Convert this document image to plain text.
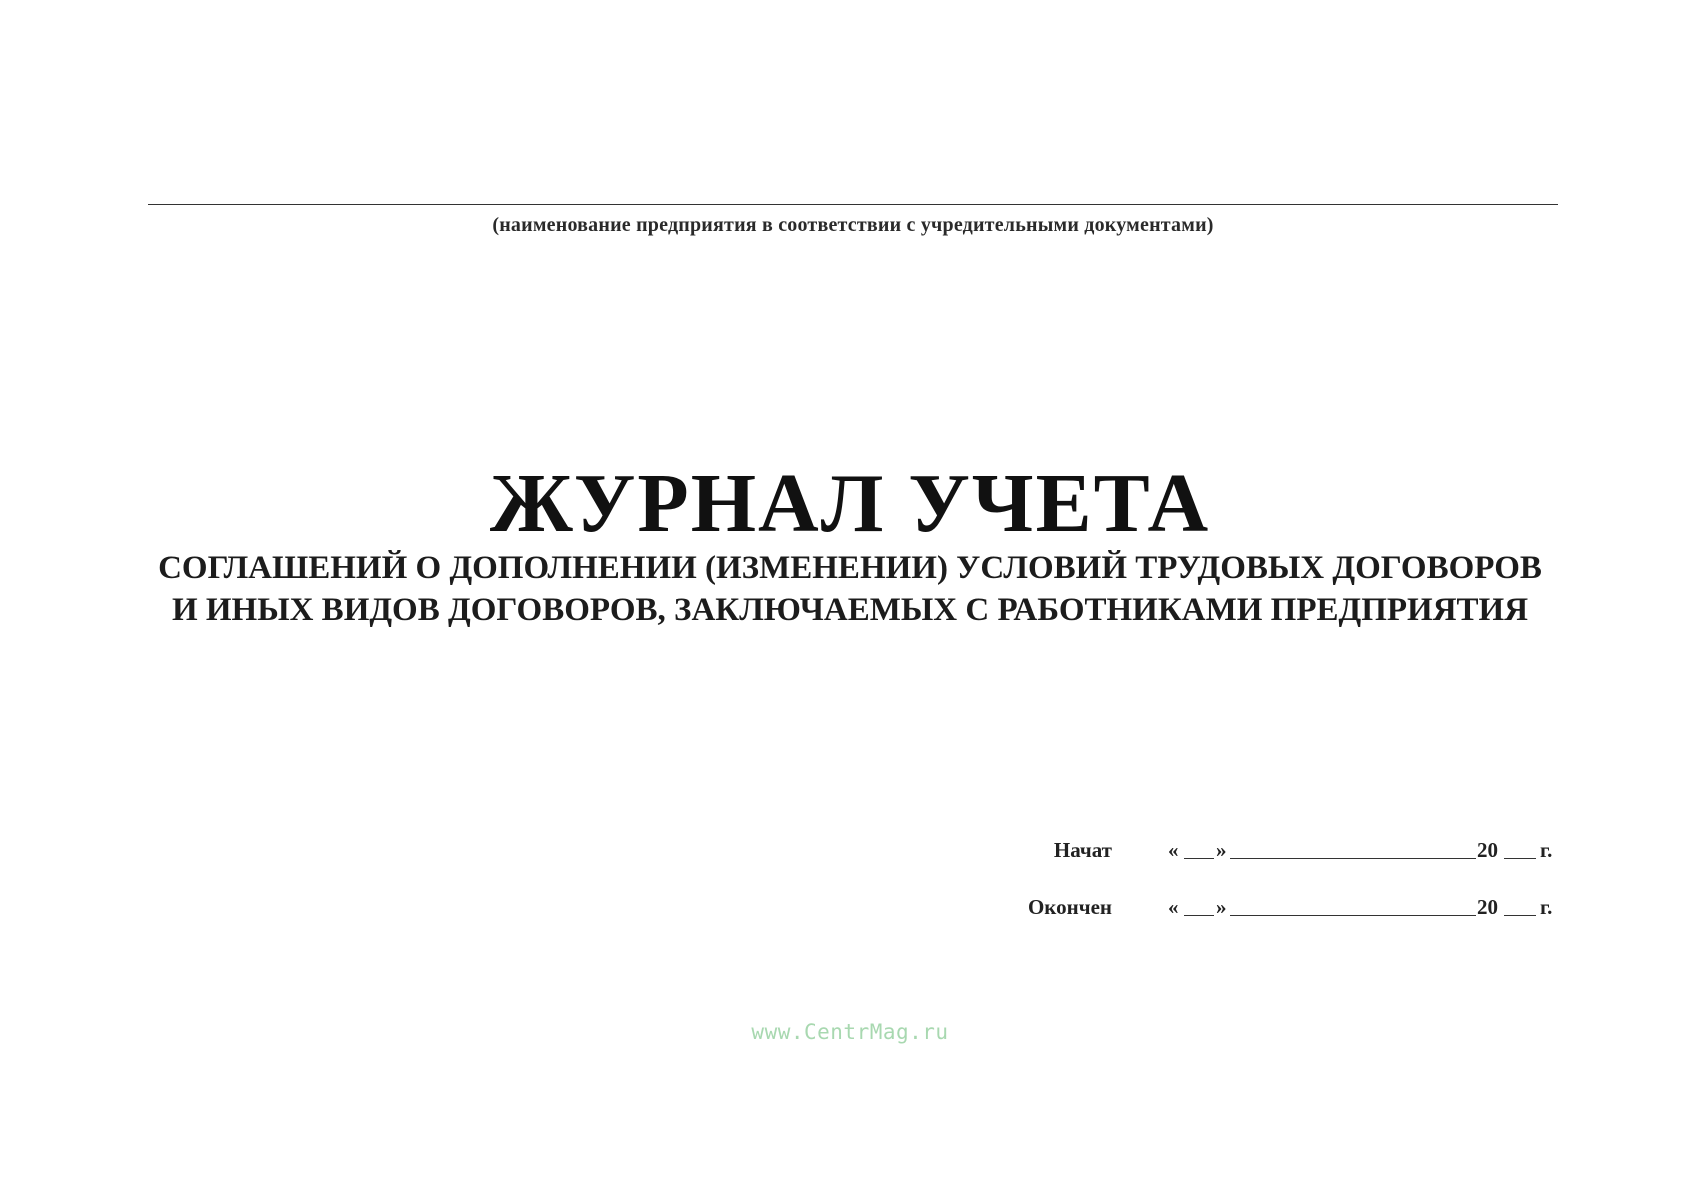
(наименование предприятия в соответствии с учредительными документами)
ЖУРНАЛ УЧЕТА
СОГЛАШЕНИЙ О ДОПОЛНЕНИИ (ИЗМЕНЕНИИ) УСЛОВИЙ ТРУДОВЫХ ДОГОВОРОВ
И ИНЫХ ВИДОВ ДОГОВОРОВ, ЗАКЛЮЧАЕМЫХ С РАБОТНИКАМИ ПРЕДПРИЯТИЯ
Начат	« »	20 г.
Окончен	« »	20 г.
www.CentrMag.ru
